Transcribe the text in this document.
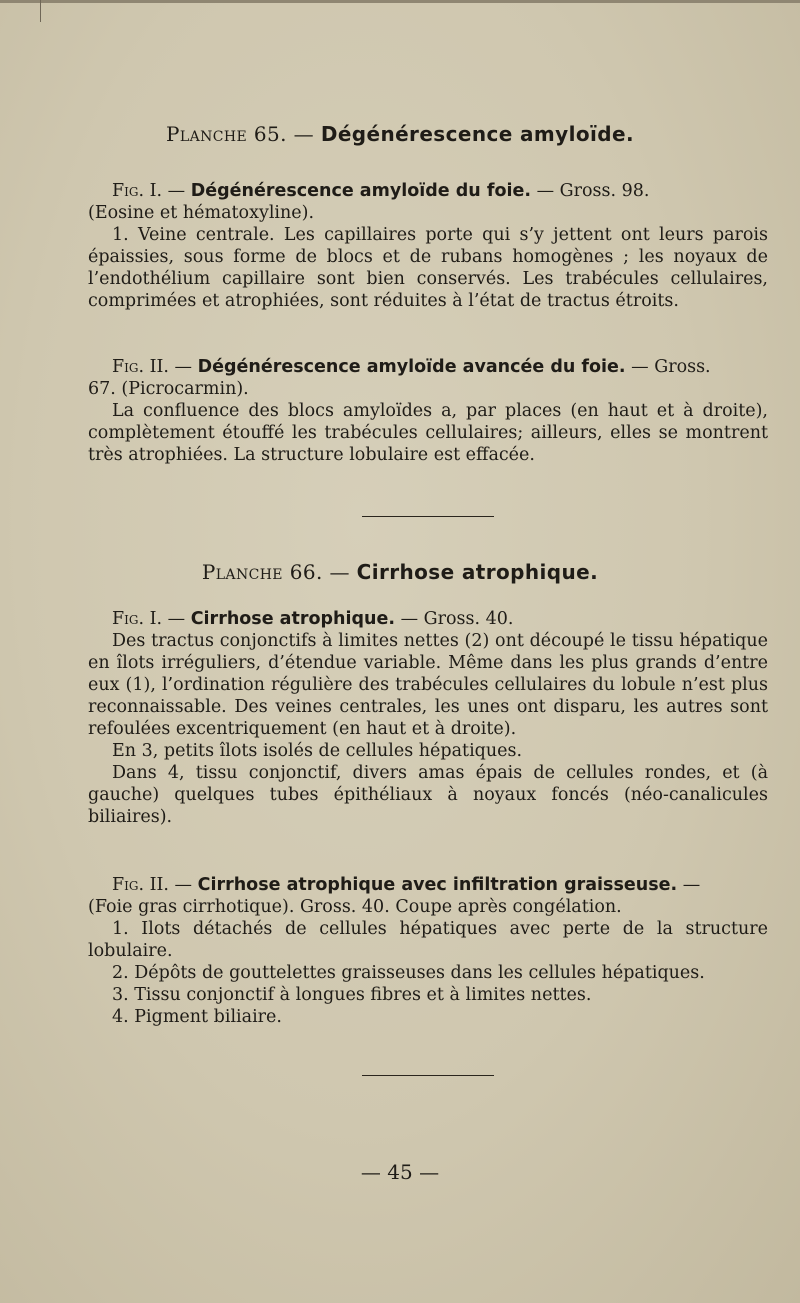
Planche 65. — Dégénérescence amyloïde.

Fig. I. — Dégénérescence amyloïde du foie. — Gross. 98.

(Eosine et hématoxyline).

1. Veine centrale. Les capillaires porte qui s’y jettent ont leurs parois épaissies, sous forme de blocs et de rubans homogènes ; les noyaux de l’endothélium capillaire sont bien conservés. Les trabécules cellulaires, comprimées et atrophiées, sont réduites à l’état de tractus étroits.

Fig. II. — Dégénérescence amyloïde avancée du foie. — Gross.

67. (Picrocarmin).

La confluence des blocs amyloïdes a, par places (en haut et à droite), complètement étouffé les trabécules cellulaires; ailleurs, elles se montrent très atrophiées. La structure lobulaire est effacée.

Planche 66. — Cirrhose atrophique.

Fig. I. — Cirrhose atrophique. — Gross. 40.

Des tractus conjonctifs à limites nettes (2) ont découpé le tissu hépatique en îlots irréguliers, d’étendue variable. Même dans les plus grands d’entre eux (1), l’ordination régulière des trabécules cellulaires du lobule n’est plus reconnaissable. Des veines centrales, les unes ont disparu, les autres sont refoulées excentriquement (en haut et à droite).

En 3, petits îlots isolés de cellules hépatiques.

Dans 4, tissu conjonctif, divers amas épais de cellules rondes, et (à gauche) quelques tubes épithéliaux à noyaux foncés (néo-canalicules biliaires).

Fig. II. — Cirrhose atrophique avec infiltration graisseuse. —

(Foie gras cirrhotique). Gross. 40. Coupe après congélation.

1. Ilots détachés de cellules hépatiques avec perte de la structure lobulaire.

2. Dépôts de gouttelettes graisseuses dans les cellules hépatiques.

3. Tissu conjonctif à longues fibres et à limites nettes.

4. Pigment biliaire.

— 45 —
